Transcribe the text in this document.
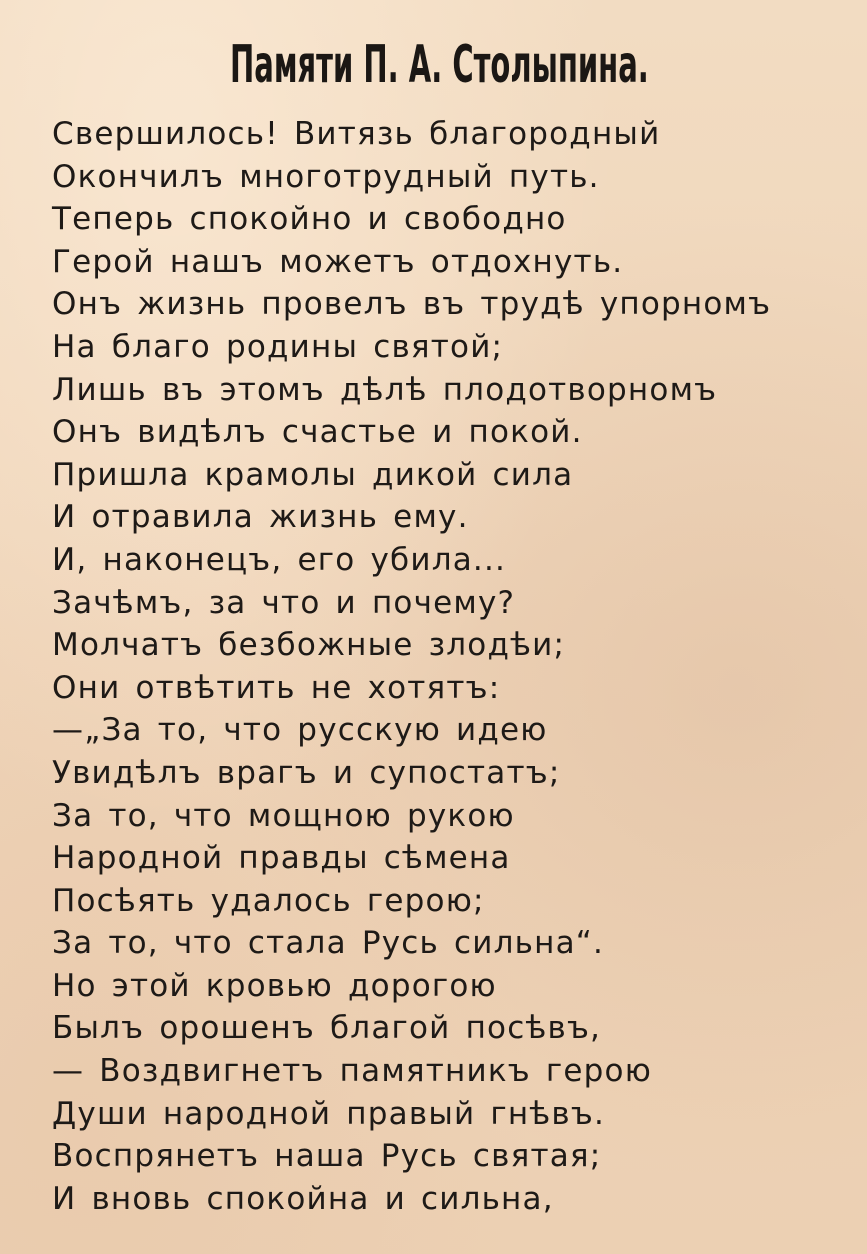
Памяти П. А. Столыпина.
Свершилось! Витязь благородный
Окончилъ многотрудный путь.
Теперь спокойно и свободно
Герой нашъ можетъ отдохнуть.
Онъ жизнь провелъ въ трудѣ упорномъ
На благо родины святой;
Лишь въ этомъ дѣлѣ плодотворномъ
Онъ видѣлъ счастье и покой.
Пришла крамолы дикой сила
И отравила жизнь ему.
И, наконецъ, его убила...
Зачѣмъ, за что и почему?
Молчатъ безбожные злодѣи;
Они отвѣтить не хотятъ:
—„За то, что русскую идею
Увидѣлъ врагъ и супостатъ;
За то, что мощною рукою
Народной правды сѣмена
Посѣять удалось герою;
За то, что стала Русь сильна“.
Но этой кровью дорогою
Былъ орошенъ благой посѣвъ,
— Воздвигнетъ памятникъ герою
Души народной правый гнѣвъ.
Воспрянетъ наша Русь святая;
И вновь спокойна и сильна,
